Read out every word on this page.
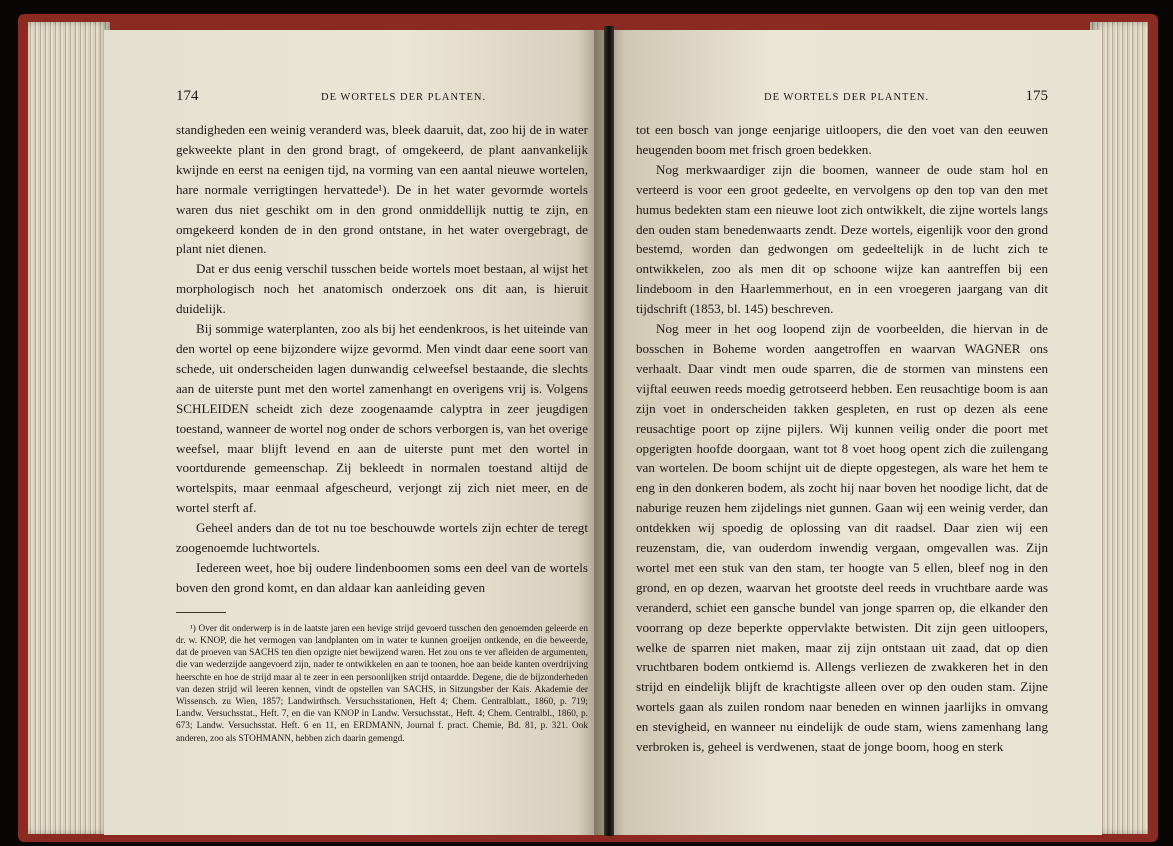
174	DE WORTELS DER PLANTEN.

standigheden een weinig veranderd was, bleek daaruit, dat, zoo hij de in water gekweekte plant in den grond bragt, of omgekeerd, de plant aanvankelijk kwijnde en eerst na eenigen tijd, na vorming van een aantal nieuwe wortelen, hare normale verrigtingen hervattede¹). De in het water gevormde wortels waren dus niet geschikt om in den grond onmiddellijk nuttig te zijn, en omgekeerd konden de in den grond ontstane, in het water overgebragt, de plant niet dienen.

Dat er dus eenig verschil tusschen beide wortels moet bestaan, al wijst het morphologisch noch het anatomisch onderzoek ons dit aan, is hieruit duidelijk.

Bij sommige waterplanten, zoo als bij het eendenkroos, is het uiteinde van den wortel op eene bijzondere wijze gevormd. Men vindt daar eene soort van schede, uit onderscheiden lagen dunwandig celweefsel bestaande, die slechts aan de uiterste punt met den wortel zamenhangt en overigens vrij is. Volgens SCHLEIDEN scheidt zich deze zoogenaamde calyptra in zeer jeugdigen toestand, wanneer de wortel nog onder de schors verborgen is, van het overige weefsel, maar blijft levend en aan de uiterste punt met den wortel in voortdurende gemeenschap. Zij bekleedt in normalen toestand altijd de wortelspits, maar eenmaal afgescheurd, verjongt zij zich niet meer, en de wortel sterft af.

Geheel anders dan de tot nu toe beschouwde wortels zijn echter de teregt zoogenoemde luchtwortels.

Iedereen weet, hoe bij oudere lindenboomen soms een deel van de wortels boven den grond komt, en dan aldaar kan aanleiding geven

¹) Over dit onderwerp is in de laatste jaren een hevige strijd gevoerd tusschen den genoemden geleerde en dr. w. KNOP, die het vermogen van landplanten om in water te kunnen groeijen ontkende, en die beweerde, dat de proeven van SACHS ten dien opzigte niet bewijzend waren. Het zou ons te ver afleiden de argumenten, die van wederzijde aangevoerd zijn, nader te ontwikkelen en aan te toonen, hoe aan beide kanten overdrijving heerschte en hoe de strijd maar al te zeer in een persoonlijken strijd ontaardde. Degene, die de bijzonderheden van dezen strijd wil leeren kennen, vindt de opstellen van SACHS, in Sitzungsber der Kais. Akademie der Wissensch. zu Wien, 1857; Landwirthsch. Versuchsstationen, Heft 4; Chem. Centralblatt., 1860, p. 719; Landw. Versuchsstat., Heft. 7, en die van KNOP in Landw. Versuchsstat., Heft. 4; Chem. Centralbl., 1860, p. 673; Landw. Versuchsstat. Heft. 6 en 11, en ERDMANN, Journal f. pract. Chemie, Bd. 81, p. 321. Ook anderen, zoo als STOHMANN, hebben zich daarin gemengd.

DE WORTELS DER PLANTEN.	175

tot een bosch van jonge eenjarige uitloopers, die den voet van den eeuwen heugenden boom met frisch groen bedekken.

Nog merkwaardiger zijn die boomen, wanneer de oude stam hol en verteerd is voor een groot gedeelte, en vervolgens op den top van den met humus bedekten stam een nieuwe loot zich ontwikkelt, die zijne wortels langs den ouden stam benedenwaarts zendt. Deze wortels, eigenlijk voor den grond bestemd, worden dan gedwongen om gedeeltelijk in de lucht zich te ontwikkelen, zoo als men dit op schoone wijze kan aantreffen bij een lindeboom in den Haarlemmerhout, en in een vroegeren jaargang van dit tijdschrift (1853, bl. 145) beschreven.

Nog meer in het oog loopend zijn de voorbeelden, die hiervan in de bosschen in Boheme worden aangetroffen en waarvan WAGNER ons verhaalt. Daar vindt men oude sparren, die de stormen van minstens een vijftal eeuwen reeds moedig getrotseerd hebben. Een reusachtige boom is aan zijn voet in onderscheiden takken gespleten, en rust op dezen als eene reusachtige poort op zijne pijlers. Wij kunnen veilig onder die poort met opgerigten hoofde doorgaan, want tot 8 voet hoog opent zich die zuilengang van wortelen. De boom schijnt uit de diepte opgestegen, als ware het hem te eng in den donkeren bodem, als zocht hij naar boven het noodige licht, dat de naburige reuzen hem zijdelings niet gunnen. Gaan wij een weinig verder, dan ontdekken wij spoedig de oplossing van dit raadsel. Daar zien wij een reuzenstam, die, van ouderdom inwendig vergaan, omgevallen was. Zijn wortel met een stuk van den stam, ter hoogte van 5 ellen, bleef nog in den grond, en op dezen, waarvan het grootste deel reeds in vruchtbare aarde was veranderd, schiet een gansche bundel van jonge sparren op, die elkander den voorrang op deze beperkte oppervlakte betwisten. Dit zijn geen uitloopers, welke de sparren niet maken, maar zij zijn ontstaan uit zaad, dat op dien vruchtbaren bodem ontkiemd is. Allengs verliezen de zwakkeren het in den strijd en eindelijk blijft de krachtigste alleen over op den ouden stam. Zijne wortels gaan als zuilen rondom naar beneden en winnen jaarlijks in omvang en stevigheid, en wanneer nu eindelijk de oude stam, wiens zamenhang lang verbroken is, geheel is verdwenen, staat de jonge boom, hoog en sterk
